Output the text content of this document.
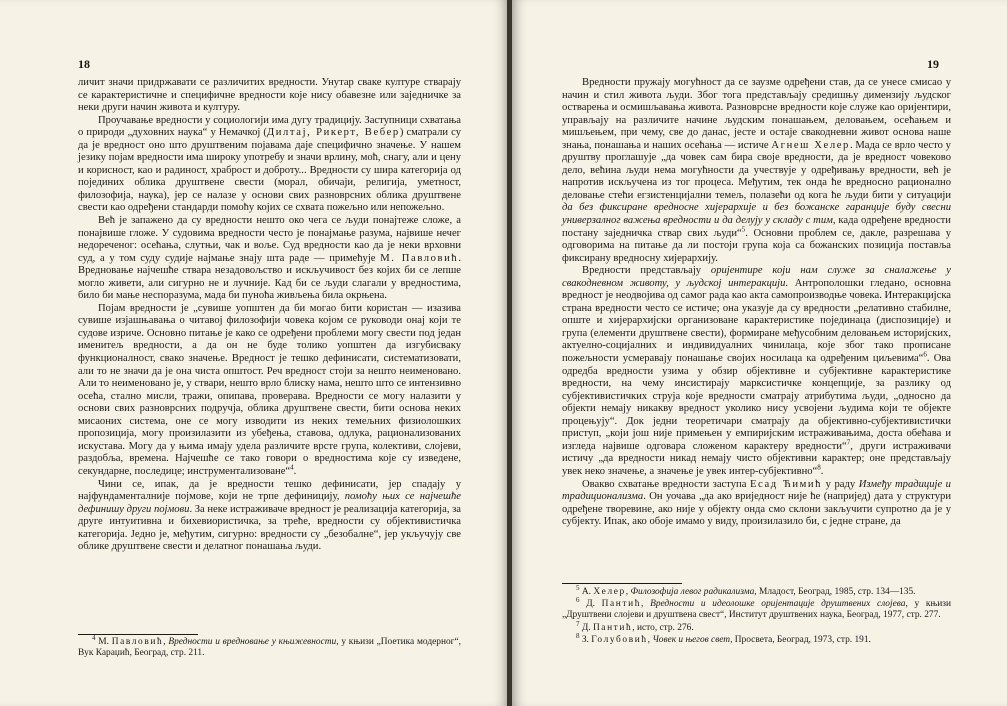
18

личит значи придржавати се различитих вредности. Унутар сваке културе стварају се карактеристичне и специфичне вредности које нису обавезне или заједничке за неки други начин живота и културу.

Проучавање вредности у социологији има дугу традицију. Заступници схватања о природи „духовних наука“ у Немачкој (Дилтај, Рикерт, Вебер) сматрали су да је вредност оно што друштвеним појавама даје специфично значење. У нашем језику појам вредности има широку употребу и значи врлину, моћ, снагу, али и цену и корисност, као и радиност, храброст и доброту... Вредности су шира категорија од појединих облика друштвене свести (морал, обичаји, религија, уметност, филозофија, наука), јер се налазе у основи свих разноврсних облика друштвене свести као одређени стандарди помоћу којих се схвата пожељно или непожељно.

Већ је запажено да су вредности нешто око чега се људи понајтеже сложе, а понајвише гложе. У судовима вредности често је понајмање разума, највише нечег недореченог: осећања, слутњи, чак и воље. Суд вредности као да је неки врховни суд, а у том суду судије најмање знају шта раде — примећује М. Павловић. Вредновање најчешће ствара незадовољство и искључивост без којих би се лепше могло живети, али сигурно не и лучније. Кад би се људи слагали у вредностима, било би мање неспоразума, мада би пунoћа живљења била окрњена.

Појам вредности је „сувише уопштен да би могао бити користан — изазива сувише изјашњавања о читавој филозофији човека којом се руководи онај који те судове изриче. Основно питање је како се одређени проблеми могу свести под један именитељ вредности, а да он не буде толико уопштен да изгубисвaку функционалност, свако значење. Вредност је тешко дефинисати, систематизовати, али то не значи да је она чиста општост. Реч вредност стоји за нешто неименовано. Али то неименовано је, у ствари, нешто врло блиску нама, нешто што се интензивно осећа, стално мисли, тражи, опипава, проверава. Вредности се могу налазити у основи свих разноврсних подручја, облика друштвене свести, бити основа неких мисаоних система, оне се могу изводити из неких темељних физиолошких пропозиција, могу произилазити из убеђења, ставова, одлука, рационализованих искустава. Могу да у њима имају удела различите врсте група, колективи, слојеви, раздобља, времена. Најчешће се тако говори о вредностима које су изведене, секундарне, последице; инструментализоване“$^4$.

Чини се, ипак, да је вредности тешко дефинисати, јер спадају у најфундаменталније појмове, који не трпе дефиницију, помоћу њих се најчешће дефинишу други појмови. За неке истраживаче вредност је реализација категорија, за друге интуитивна и бихевиористичка, за треће, вредности су објективистичка категорија. Једно је, међутим, сигурно: вредности су „безобалне“, јер укључују све облике друштвене свести и делатног понашања људи.

$^4$ М. Павловић, Вредности и вредновање у књижевности, у књизи „Поетика модерног“, Вук Караџић, Београд, стр. 211.

19

Вредности пружају могућност да се заузме одређени став, да се унесе смисао у начин и стил живота људи. Због тога представљају средишњу димензију људског остварења и осмишљавања живота. Разноврсне вредности које служе као оријентири, управљају на различите начине људским понашањем, деловањем, осећањем и мишљењем, при чему, све до данас, јесте и остаје свакодневни живот основа наше знања, понашања и наших осећања — истиче Агнеш Хелер. Мада се врло често у друштву проглашује „да човек сам бира своје вредности, да је вредност човеково дело, већина људи нема могућности да учествује у одређивању вредности, већ је напротив искључена из тог процеса. Међутим, тек онда ће вредносно рационално деловање стећи егзистенцијални темељ, полазећи од кога ће људи бити у ситуацији да без фиксиране вредносне хијерархије и без божанске гаранције буду свесни универзалног важења вредности и да делују у складу с тим, када одређене вредности постану заједничка ствар свих људи“$^5$. Основни проблем се, дакле, разрешава у одговорима на питање да ли постоји група која са божанских позиција поставља фиксирану вредносну хијерархију.

Вредности представљају оријентире који нам служе за сналажење у свакодневном животу, у људској интеракцији. Антрополошки гледано, основна вредност је неодвојива од самог рада као акта самопроизводње човека. Интеракцијска страна вредности често се истиче; она указује да су вредности „релативно стабилне, опште и хијерархијски организоване карактеристике појединаца (диспозиције) и група (елементи друштвене свести), формиране међусобним деловањем историјских, актуелно-социјалних и индивидуалних чинилаца, које због тако прописане пожељности усмеравају понашање својих носилаца ка одређеним циљевима“$^6$. Ова одредба вредности узима у обзир објективне и субјективне карактеристике вредности, на чему инсистирају марксистичке концепције, за разлику од субјективистичких струја које вредности сматрају атрибутима људи, „односно да објекти немају никакву вредност уколико нису усвојени људима који те објекте процењују“. Док једни теоретичари сматрају да објективно-субјективистички приступ, „који још није примењен у емпиријским истраживањима, доста обећава и изгледа највише одговара сложеном карактеру вредности“$^7$, други истраживачи истичу „да вредности никад немају чисто објективни карактер; оне представљају увек неко значење, а значење је увек интер-субјективно“$^8$.

Овакво схватање вредности заступа Есад Ћимић у раду Између традиције и традиционализма. Он уочава „да ако вриједност није ћe (напријед) дата у структури одређене творевине, ако није у објекту онда смо склони закључити супротно да је у субјекту. Ипак, ако обоје имамо у виду, произилазило би, с једне стране, да

$^5$ А. Хелер, Филозофија левог радикализма, Младост, Београд, 1985, стр. 134—135.

$^6$ Д. Пантић, Вредности и идеолошке оријентације друштвених слојева, у књизи „Друштвени слојеви и друштвена свест“, Институт друштвених наука, Београд, 1977, стр. 277.

$^7$ Д. Пантић, исто, стр. 276.

$^8$ З. Голубовић, Човек и његов свет, Просвета, Београд, 1973, стр. 191.
